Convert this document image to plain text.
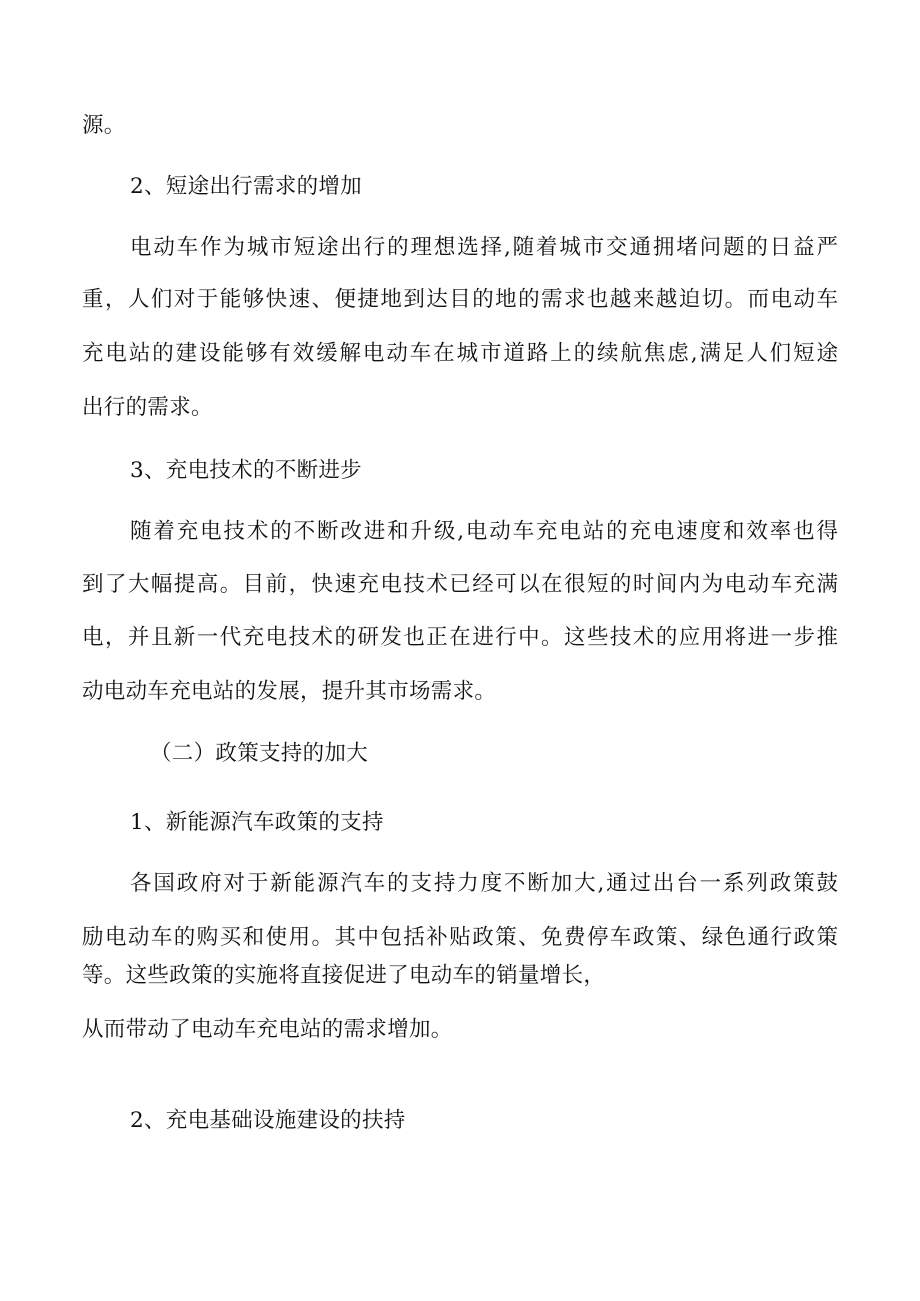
源。
2、短途出行需求的增加
电动车作为城市短途出行的理想选择,随着城市交通拥堵问题的日益严
重，人们对于能够快速、便捷地到达目的地的需求也越来越迫切。而电动车
充电站的建设能够有效缓解电动车在城市道路上的续航焦虑,满足人们短途
出行的需求。
3、充电技术的不断进步
随着充电技术的不断改进和升级,电动车充电站的充电速度和效率也得
到了大幅提高。目前，快速充电技术已经可以在很短的时间内为电动车充满
电，并且新一代充电技术的研发也正在进行中。这些技术的应用将进一步推
动电动车充电站的发展，提升其市场需求。
（二）政策支持的加大
1、新能源汽车政策的支持
各国政府对于新能源汽车的支持力度不断加大,通过出台一系列政策鼓
励电动车的购买和使用。其中包括补贴政策、免费停车政策、绿色通行政策
等。这些政策的实施将直接促进了电动车的销量增长，
从而带动了电动车充电站的需求增加。
2、充电基础设施建设的扶持
